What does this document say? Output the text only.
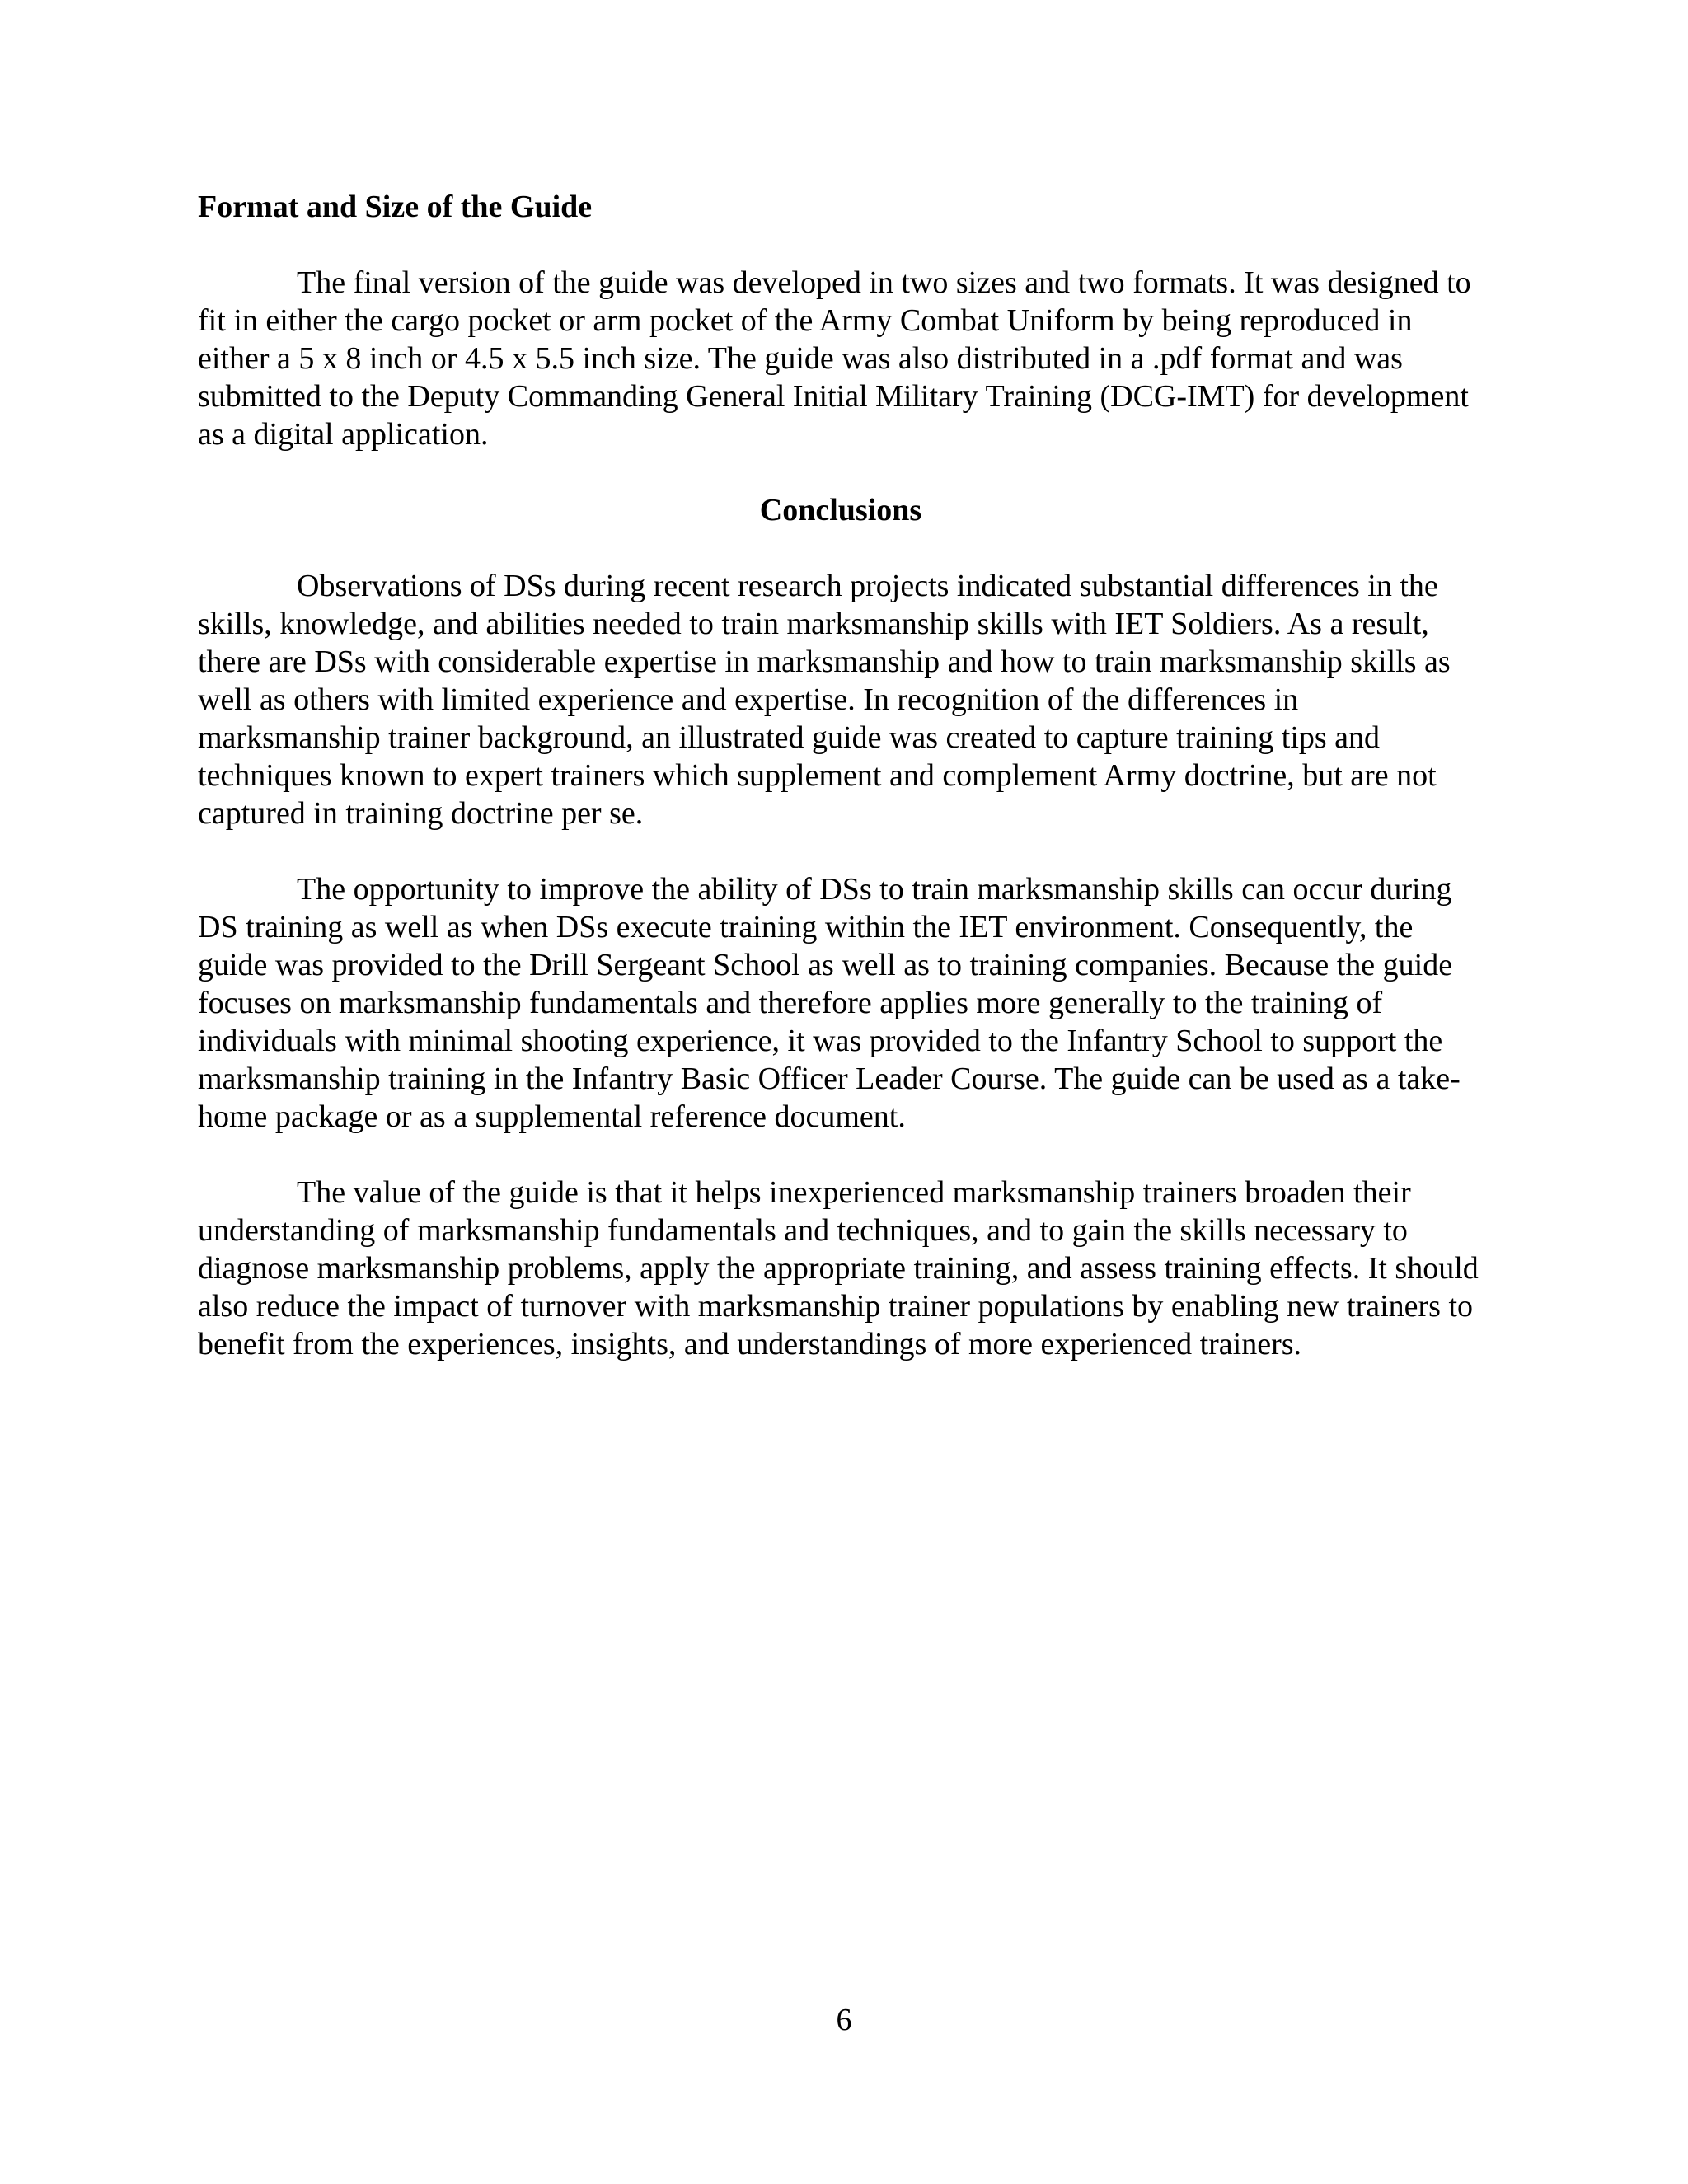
Format and Size of the Guide

The final version of the guide was developed in two sizes and two formats. It was designed to fit in either the cargo pocket or arm pocket of the Army Combat Uniform by being reproduced in either a 5 x 8 inch or 4.5 x 5.5 inch size. The guide was also distributed in a .pdf format and was submitted to the Deputy Commanding General Initial Military Training (DCG-IMT) for development as a digital application.

Conclusions

Observations of DSs during recent research projects indicated substantial differences in the skills, knowledge, and abilities needed to train marksmanship skills with IET Soldiers. As a result, there are DSs with considerable expertise in marksmanship and how to train marksmanship skills as well as others with limited experience and expertise. In recognition of the differences in marksmanship trainer background, an illustrated guide was created to capture training tips and techniques known to expert trainers which supplement and complement Army doctrine, but are not captured in training doctrine per se.

The opportunity to improve the ability of DSs to train marksmanship skills can occur during DS training as well as when DSs execute training within the IET environment. Consequently, the guide was provided to the Drill Sergeant School as well as to training companies. Because the guide focuses on marksmanship fundamentals and therefore applies more generally to the training of individuals with minimal shooting experience, it was provided to the Infantry School to support the marksmanship training in the Infantry Basic Officer Leader Course. The guide can be used as a take-home package or as a supplemental reference document.

The value of the guide is that it helps inexperienced marksmanship trainers broaden their understanding of marksmanship fundamentals and techniques, and to gain the skills necessary to diagnose marksmanship problems, apply the appropriate training, and assess training effects. It should also reduce the impact of turnover with marksmanship trainer populations by enabling new trainers to benefit from the experiences, insights, and understandings of more experienced trainers.

6
